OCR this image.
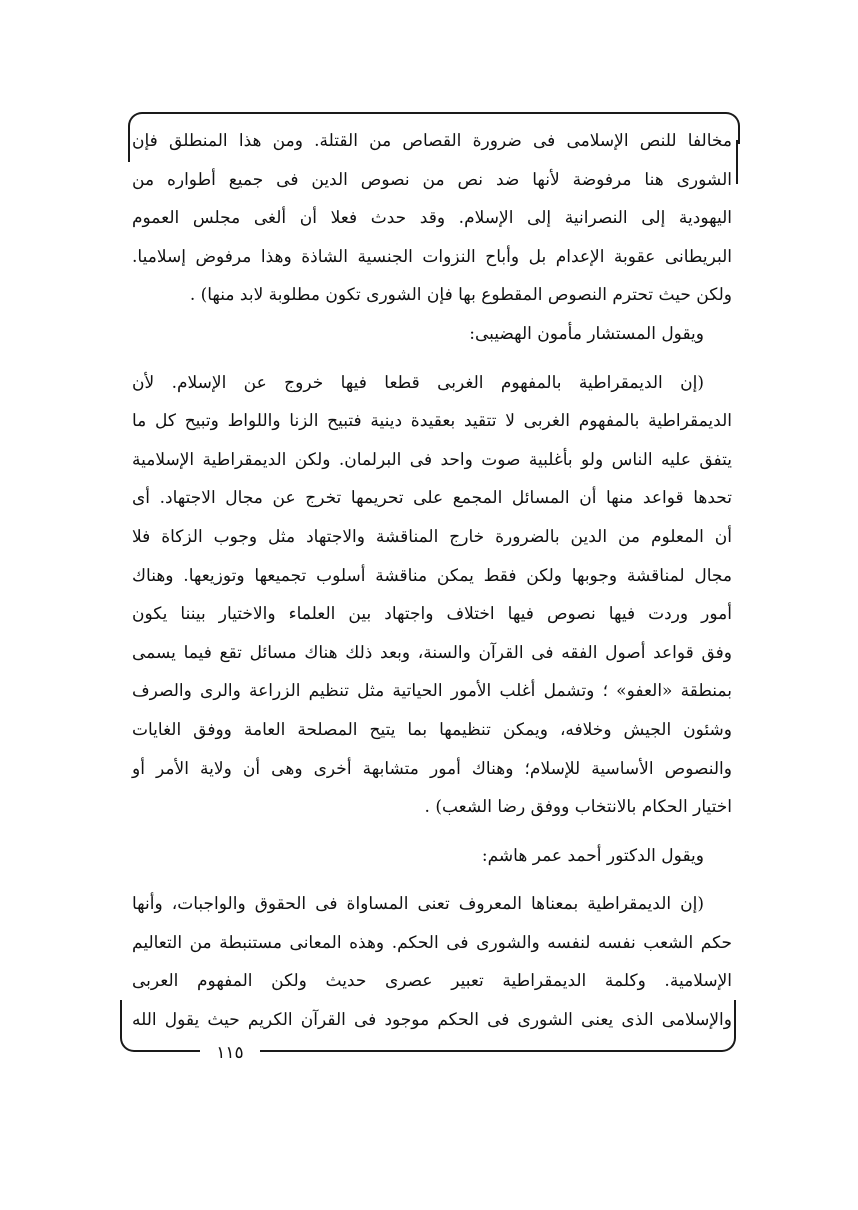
مخالفا للنص الإسلامى فى ضرورة القصاص من القتلة. ومن هذا المنطلق فإن
الشورى هنا مرفوضة لأنها ضد نص من نصوص الدين فى جميع أطواره من
اليهودية إلى النصرانية إلى الإسلام. وقد حدث فعلا أن ألغى مجلس العموم
البريطانى عقوبة الإعدام بل وأباح النزوات الجنسية الشاذة وهذا مرفوض إسلاميا.
ولكن حيث تحترم النصوص المقطوع بها فإن الشورى تكون مطلوبة لابد منها) .
ويقول المستشار مأمون الهضيبى:
(إن الديمقراطية بالمفهوم الغربى قطعا فيها خروج عن الإسلام. لأن
الديمقراطية بالمفهوم الغربى لا تتقيد بعقيدة دينية فتبيح الزنا واللواط وتبيح كل ما
يتفق عليه الناس ولو بأغلبية صوت واحد فى البرلمان. ولكن الديمقراطية الإسلامية
تحدها قواعد منها أن المسائل المجمع على تحريمها تخرج عن مجال الاجتهاد. أى
أن المعلوم من الدين بالضرورة خارج المناقشة والاجتهاد مثل وجوب الزكاة فلا
مجال لمناقشة وجوبها ولكن فقط يمكن مناقشة أسلوب تجميعها وتوزيعها. وهناك
أمور وردت فيها نصوص فيها اختلاف واجتهاد بين العلماء والاختيار بيننا يكون
وفق قواعد أصول الفقه فى القرآن والسنة، وبعد ذلك هناك مسائل تقع فيما يسمى
بمنطقة «العفو» ؛ وتشمل أغلب الأمور الحياتية مثل تنظيم الزراعة والرى والصرف
وشئون الجيش وخلافه، ويمكن تنظيمها بما يتيح المصلحة العامة ووفق الغايات
والنصوص الأساسية للإسلام؛ وهناك أمور متشابهة أخرى وهى أن ولاية الأمر أو
اختيار الحكام بالانتخاب ووفق رضا الشعب) .
ويقول الدكتور أحمد عمر هاشم:
(إن الديمقراطية بمعناها المعروف تعنى المساواة فى الحقوق والواجبات، وأنها
حكم الشعب نفسه لنفسه والشورى فى الحكم. وهذه المعانى مستنبطة من التعاليم
الإسلامية. وكلمة الديمقراطية تعبير عصرى حديث ولكن المفهوم العربى
والإسلامى الذى يعنى الشورى فى الحكم موجود فى القرآن الكريم حيث يقول الله
١١٥
